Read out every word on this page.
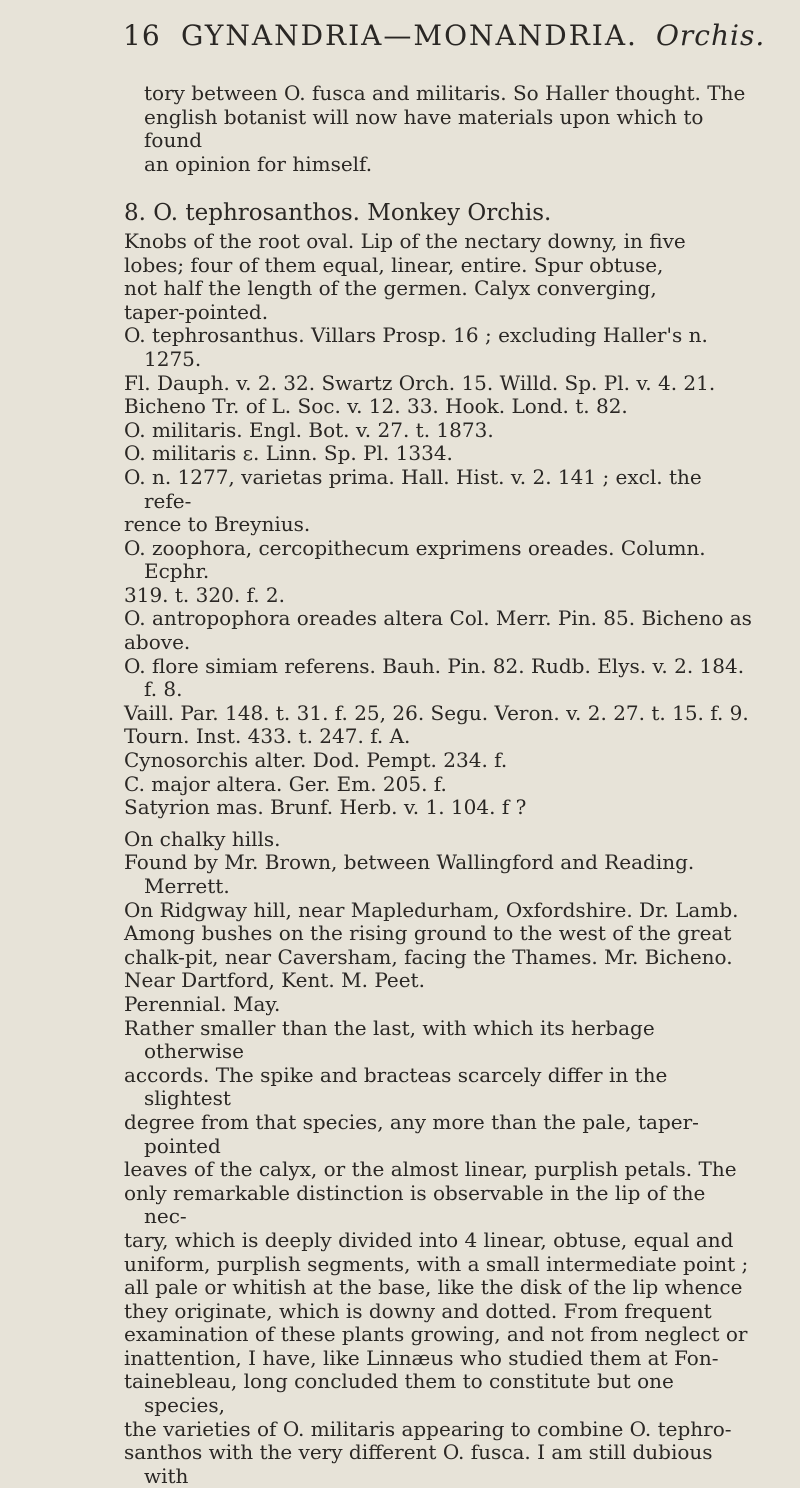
16 GYNANDRIA—MONANDRIA. Orchis.

tory between O. fusca and militaris. So Haller thought. The

english botanist will now have materials upon which to found

an opinion for himself.

8. O. tephrosanthos. Monkey Orchis.

Knobs of the root oval. Lip of the nectary downy, in five

lobes; four of them equal, linear, entire. Spur obtuse,

not half the length of the germen. Calyx converging,

taper-pointed.

O. tephrosanthus. Villars Prosp. 16 ; excluding Haller's n. 1275.

Fl. Dauph. v. 2. 32. Swartz Orch. 15. Willd. Sp. Pl. v. 4. 21.

Bicheno Tr. of L. Soc. v. 12. 33. Hook. Lond. t. 82.

O. militaris. Engl. Bot. v. 27. t. 1873.

O. militaris ε. Linn. Sp. Pl. 1334.

O. n. 1277, varietas prima. Hall. Hist. v. 2. 141 ; excl. the refe-

rence to Breynius.

O. zoophora, cercopithecum exprimens oreades. Column. Ecphr.

319. t. 320. f. 2.

O. antropophora oreades altera Col. Merr. Pin. 85. Bicheno as

above.

O. flore simiam referens. Bauh. Pin. 82. Rudb. Elys. v. 2. 184. f. 8.

Vaill. Par. 148. t. 31. f. 25, 26. Segu. Veron. v. 2. 27. t. 15. f. 9.

Tourn. Inst. 433. t. 247. f. A.

Cynosorchis alter. Dod. Pempt. 234. f.

C. major altera. Ger. Em. 205. f.

Satyrion mas. Brunf. Herb. v. 1. 104. f ?

On chalky hills.

Found by Mr. Brown, between Wallingford and Reading. Merrett.

On Ridgway hill, near Mapledurham, Oxfordshire. Dr. Lamb.

Among bushes on the rising ground to the west of the great

chalk-pit, near Caversham, facing the Thames. Mr. Bicheno.

Near Dartford, Kent. M. Peet.

Perennial. May.

Rather smaller than the last, with which its herbage otherwise

accords. The spike and bracteas scarcely differ in the slightest

degree from that species, any more than the pale, taper-pointed

leaves of the calyx, or the almost linear, purplish petals. The

only remarkable distinction is observable in the lip of the nec-

tary, which is deeply divided into 4 linear, obtuse, equal and

uniform, purplish segments, with a small intermediate point ;

all pale or whitish at the base, like the disk of the lip whence

they originate, which is downy and dotted. From frequent

examination of these plants growing, and not from neglect or

inattention, I have, like Linnæus who studied them at Fon-

tainebleau, long concluded them to constitute but one species,

the varieties of O. militaris appearing to combine O. tephro-

santhos with the very different O. fusca. I am still dubious with
